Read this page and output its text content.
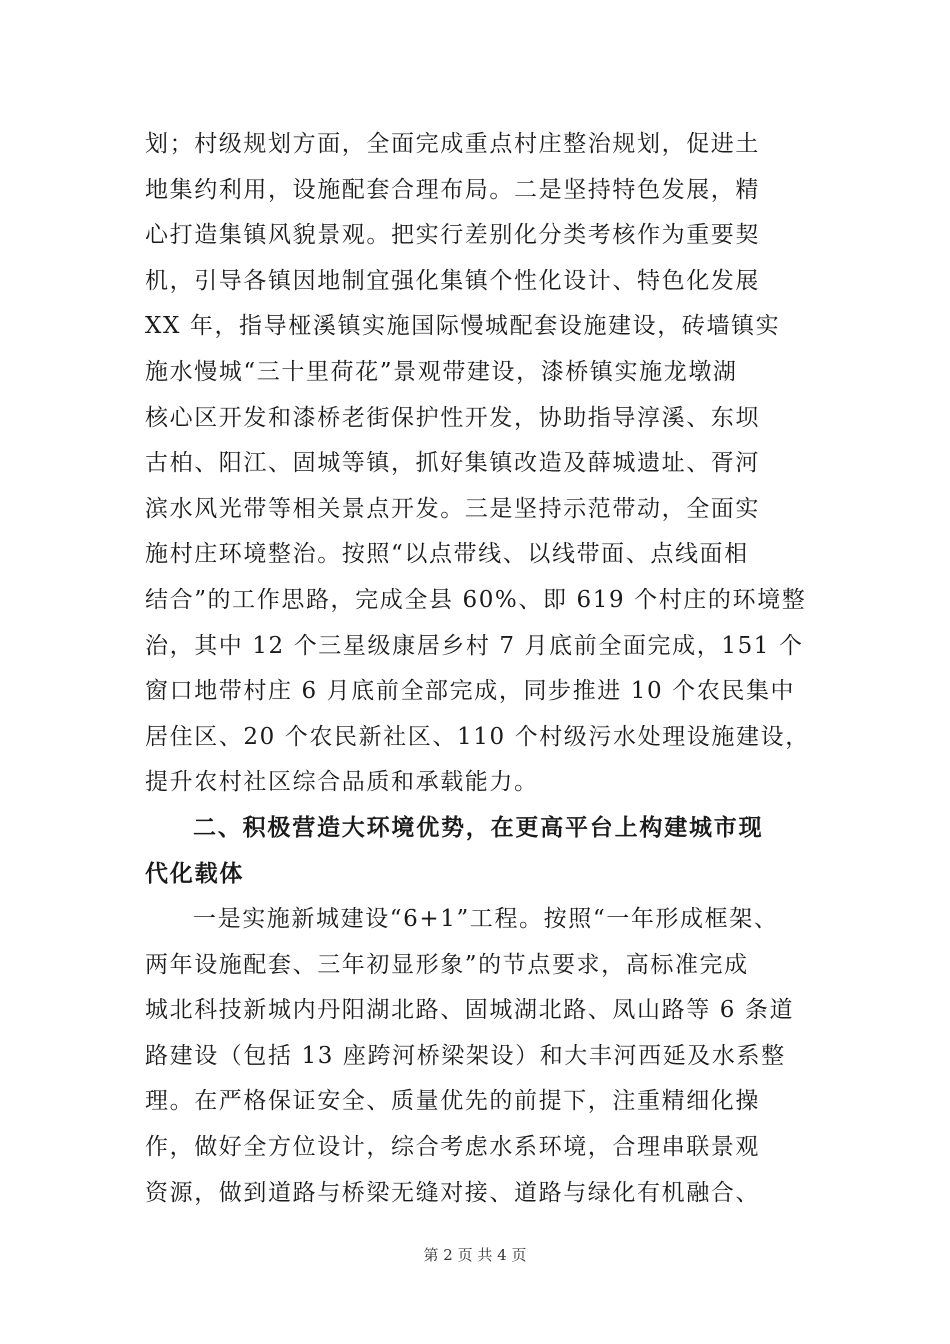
划；村级规划方面，全面完成重点村庄整治规划，促进土
地集约利用，设施配套合理布局。二是坚持特色发展，精
心打造集镇风貌景观。把实行差别化分类考核作为重要契
机，引导各镇因地制宜强化集镇个性化设计、特色化发展
XX 年，指导桠溪镇实施国际慢城配套设施建设，砖墙镇实
施水慢城“三十里荷花”景观带建设，漆桥镇实施龙墩湖
核心区开发和漆桥老街保护性开发，协助指导淳溪、东坝
古柏、阳江、固城等镇，抓好集镇改造及薛城遗址、胥河
滨水风光带等相关景点开发。三是坚持示范带动，全面实
施村庄环境整治。按照“以点带线、以线带面、点线面相
结合”的工作思路，完成全县 60%、即 619 个村庄的环境整
治，其中 12 个三星级康居乡村 7 月底前全面完成，151 个
窗口地带村庄 6 月底前全部完成，同步推进 10 个农民集中
居住区、20 个农民新社区、110 个村级污水处理设施建设，
提升农村社区综合品质和承载能力。
二、积极营造大环境优势，在更高平台上构建城市现
代化载体
一是实施新城建设“6+1”工程。按照“一年形成框架、
两年设施配套、三年初显形象”的节点要求，高标准完成
城北科技新城内丹阳湖北路、固城湖北路、凤山路等 6 条道
路建设（包括 13 座跨河桥梁架设）和大丰河西延及水系整
理。在严格保证安全、质量优先的前提下，注重精细化操
作，做好全方位设计，综合考虑水系环境，合理串联景观
资源，做到道路与桥梁无缝对接、道路与绿化有机融合、
第 2 页 共 4 页
